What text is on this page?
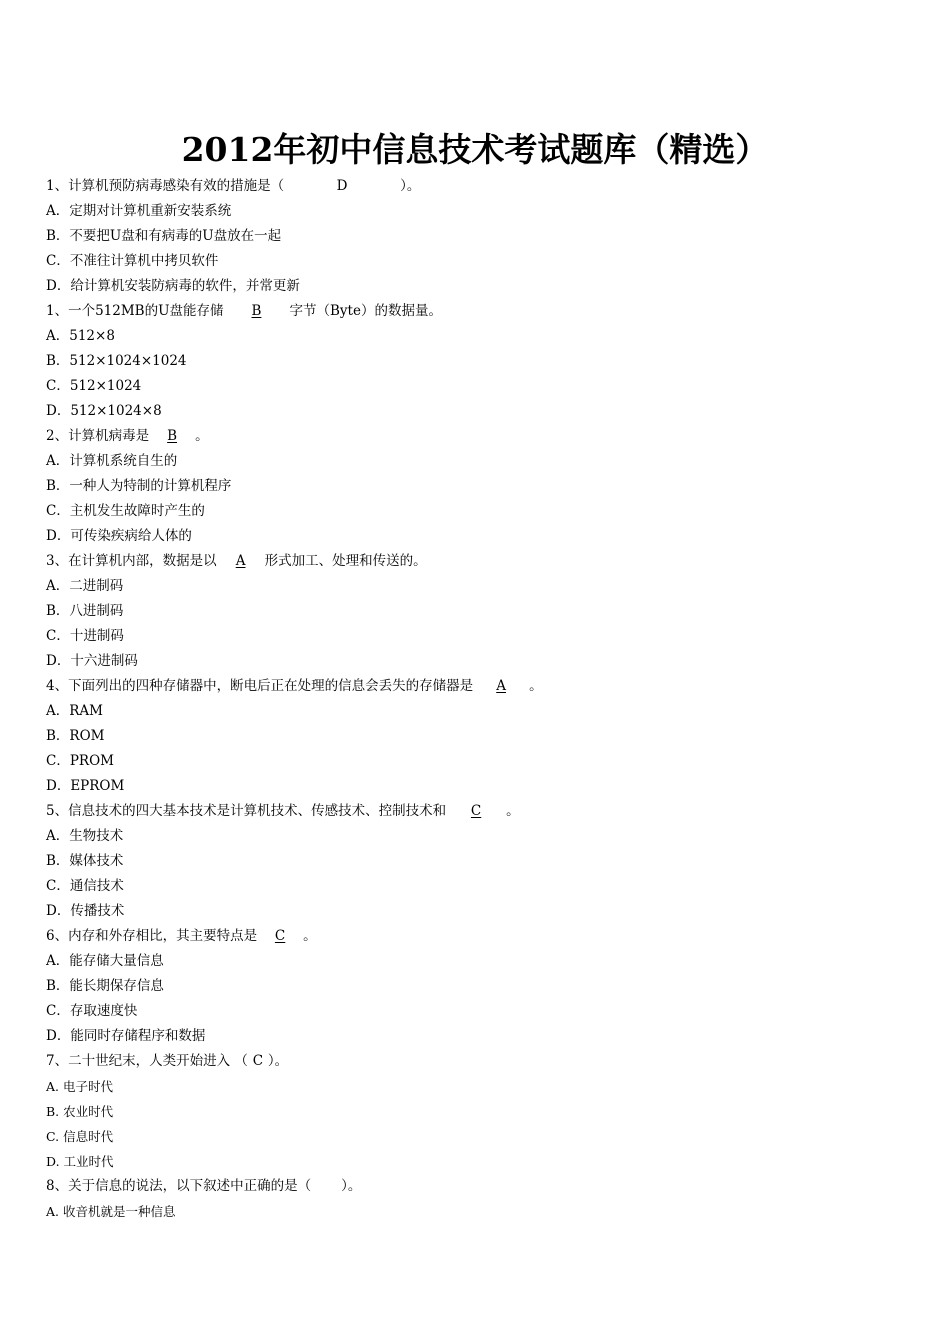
2012年初中信息技术考试题库（精选）
1、计算机预防病毒感染有效的措施是（	D	）。
A．定期对计算机重新安装系统
B．不要把U盘和有病毒的U盘放在一起
C．不准往计算机中拷贝软件
D．给计算机安装防病毒的软件，并常更新
1、一个512MB的U盘能存储 B 字节（Byte）的数据量。
A．512×8
B．512×1024×1024
C．512×1024
D．512×1024×8
2、计算机病毒是 B 。
A．计算机系统自生的
B．一种人为特制的计算机程序
C．主机发生故障时产生的
D．可传染疾病给人体的
3、在计算机内部，数据是以 A 形式加工、处理和传送的。
A．二进制码
B．八进制码
C．十进制码
D．十六进制码
4、下面列出的四种存储器中，断电后正在处理的信息会丢失的存储器是 A 。
A．RAM
B．ROM
C．PROM
D．EPROM
5、信息技术的四大基本技术是计算机技术、传感技术、控制技术和 C 。
A．生物技术
B．媒体技术
C．通信技术
D．传播技术
6、内存和外存相比，其主要特点是 C 。
A．能存储大量信息
B．能长期保存信息
C．存取速度快
D．能同时存储程序和数据
7、二十世纪末，人类开始进入 （ C ）。
A. 电子时代
B. 农业时代
C. 信息时代
D. 工业时代
8、关于信息的说法，以下叙述中正确的是（ ）。
A. 收音机就是一种信息
